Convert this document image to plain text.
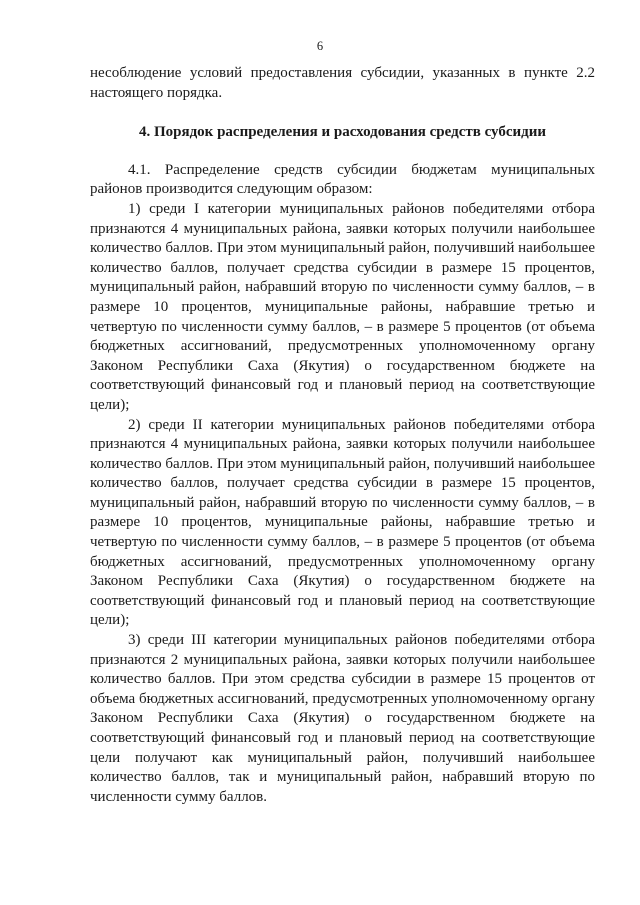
6

несоблюдение условий предоставления субсидии, указанных в пункте 2.2 настоящего порядка.

4. Порядок распределения и расходования средств субсидии

4.1. Распределение средств субсидии бюджетам муниципальных районов производится следующим образом:

1) среди I категории муниципальных районов победителями отбора признаются 4 муниципальных района, заявки которых получили наибольшее количество баллов. При этом муниципальный район, получивший наибольшее количество баллов, получает средства субсидии в размере 15 процентов, муниципальный район, набравший вторую по численности сумму баллов, – в размере 10 процентов, муниципальные районы, набравшие третью и четвертую по численности сумму баллов, – в размере 5 процентов (от объема бюджетных ассигнований, предусмотренных уполномоченному органу Законом Республики Саха (Якутия) о государственном бюджете на соответствующий финансовый год и плановый период на соответствующие цели);

2) среди II категории муниципальных районов победителями отбора признаются 4 муниципальных района, заявки которых получили наибольшее количество баллов. При этом муниципальный район, получивший наибольшее количество баллов, получает средства субсидии в размере 15 процентов, муниципальный район, набравший вторую по численности сумму баллов, – в размере 10 процентов, муниципальные районы, набравшие третью и четвертую по численности сумму баллов, – в размере 5 процентов (от объема бюджетных ассигнований, предусмотренных уполномоченному органу Законом Республики Саха (Якутия) о государственном бюджете на соответствующий финансовый год и плановый период на соответствующие цели);

3) среди III категории муниципальных районов победителями отбора признаются 2 муниципальных района, заявки которых получили наибольшее количество баллов. При этом средства субсидии в размере 15 процентов от объема бюджетных ассигнований, предусмотренных уполномоченному органу Законом Республики Саха (Якутия) о государственном бюджете на соответствующий финансовый год и плановый период на соответствующие цели получают как муниципальный район, получивший наибольшее количество баллов, так и муниципальный район, набравший вторую по численности сумму баллов.
